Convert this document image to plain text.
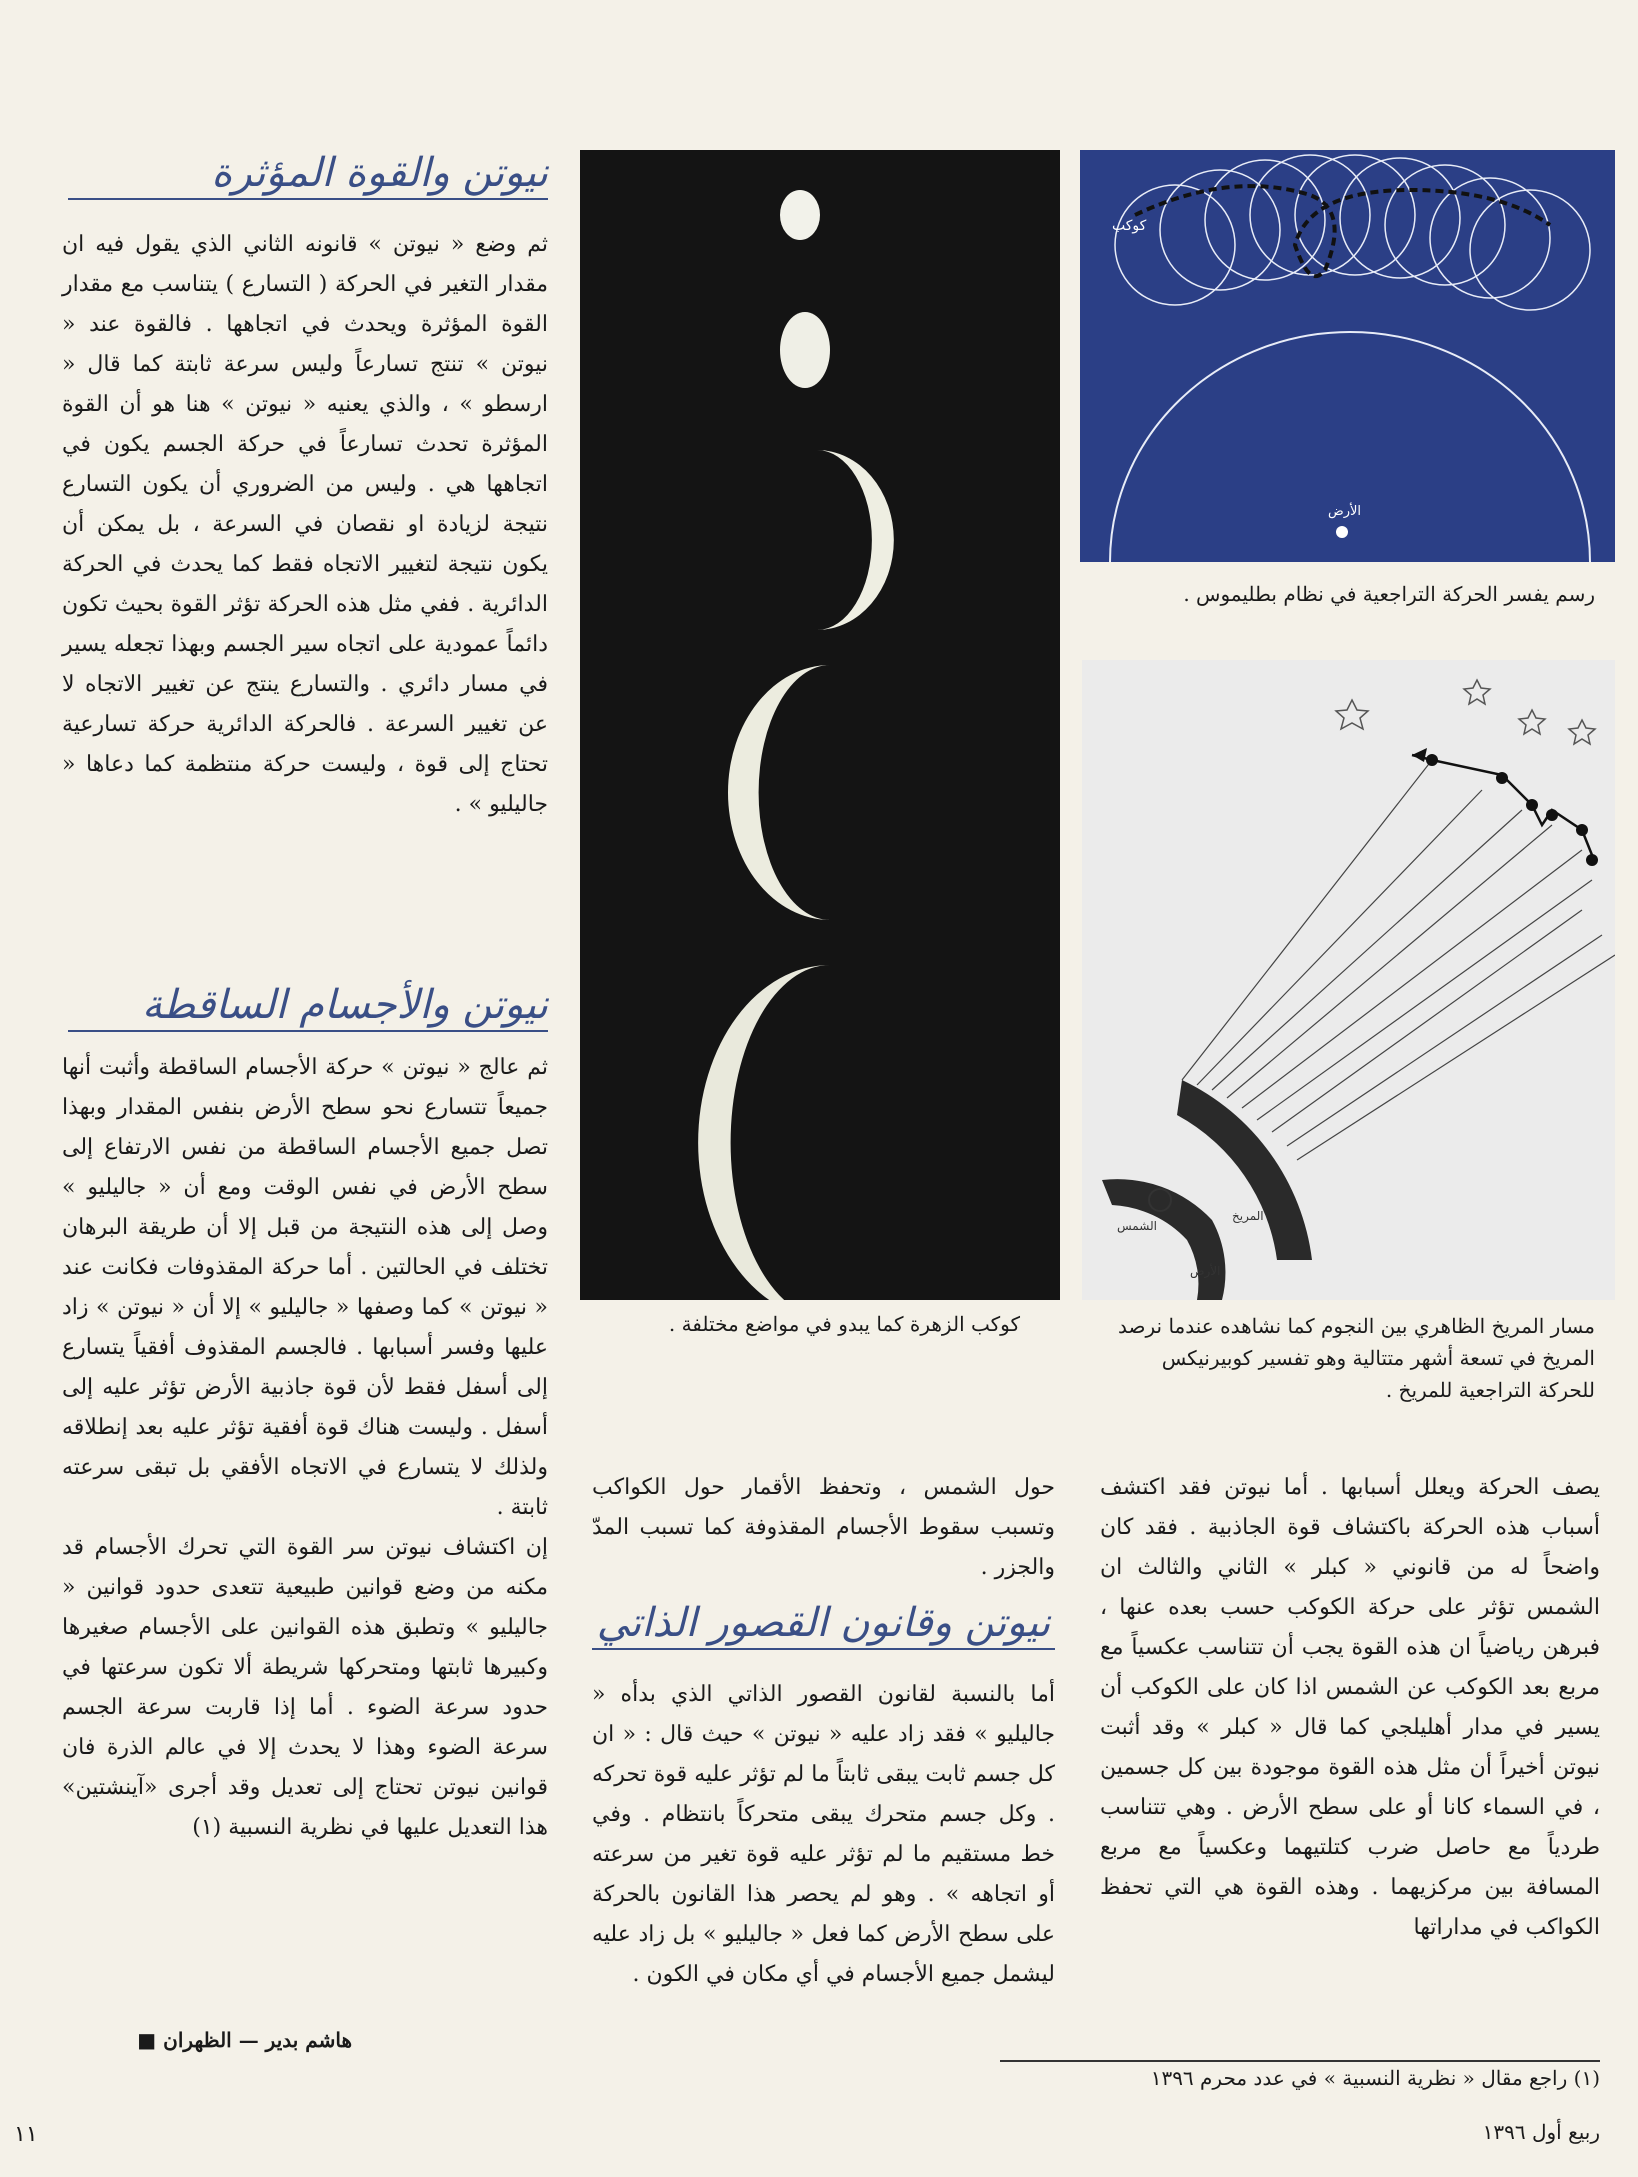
نيوتن والقوة المؤثرة

ثم وضع « نيوتن » قانونه الثاني الذي يقول فيه ان مقدار التغير في الحركة ( التسارع ) يتناسب مع مقدار القوة المؤثرة ويحدث في اتجاهها . فالقوة عند « نيوتن » تنتج تسارعاً وليس سرعة ثابتة كما قال « ارسطو » ، والذي يعنيه « نيوتن » هنا هو أن القوة المؤثرة تحدث تسارعاً في حركة الجسم يكون في اتجاهها هي . وليس من الضروري أن يكون التسارع نتيجة لزيادة او نقصان في السرعة ، بل يمكن أن يكون نتيجة لتغيير الاتجاه فقط كما يحدث في الحركة الدائرية . ففي مثل هذه الحركة تؤثر القوة بحيث تكون دائماً عمودية على اتجاه سير الجسم وبهذا تجعله يسير في مسار دائري . والتسارع ينتج عن تغيير الاتجاه لا عن تغيير السرعة . فالحركة الدائرية حركة تسارعية تحتاج إلى قوة ، وليست حركة منتظمة كما دعاها « جاليليو » .

نيوتن والأجسام الساقطة

ثم عالج « نيوتن » حركة الأجسام الساقطة وأثبت أنها جميعاً تتسارع نحو سطح الأرض بنفس المقدار وبهذا تصل جميع الأجسام الساقطة من نفس الارتفاع إلى سطح الأرض في نفس الوقت ومع أن « جاليليو » وصل إلى هذه النتيجة من قبل إلا أن طريقة البرهان تختلف في الحالتين . أما حركة المقذوفات فكانت عند « نيوتن » كما وصفها « جاليليو » إلا أن « نيوتن » زاد عليها وفسر أسبابها . فالجسم المقذوف أفقياً يتسارع إلى أسفل فقط لأن قوة جاذبية الأرض تؤثر عليه إلى أسفل . وليست هناك قوة أفقية تؤثر عليه بعد إنطلاقه ولذلك لا يتسارع في الاتجاه الأفقي بل تبقى سرعته ثابتة .

إن اكتشاف نيوتن سر القوة التي تحرك الأجسام قد مكنه من وضع قوانين طبيعية تتعدى حدود قوانين « جاليليو » وتطبق هذه القوانين على الأجسام صغيرها وكبيرها ثابتها ومتحركها شريطة ألا تكون سرعتها في حدود سرعة الضوء . أما إذا قاربت سرعة الجسم سرعة الضوء وهذا لا يحدث إلا في عالم الذرة فان قوانين نيوتن تحتاج إلى تعديل وقد أجرى «آينشتين» هذا التعديل عليها في نظرية النسبية (١)

هاشم بدير — الظهران ■
كوكب الزهرة كما يبدو في مواضع مختلفة .
كوكب
الأرض
رسم يفسر الحركة التراجعية في نظام بطليموس .
الشمس
المريخ
الأرض
مسار المريخ الظاهري بين النجوم كما نشاهده عندما نرصد المريخ في تسعة أشهر متتالية وهو تفسير كوبيرنيكس للحركة التراجعية للمريخ .

حول الشمس ، وتحفظ الأقمار حول الكواكب وتسبب سقوط الأجسام المقذوفة كما تسبب المدّ والجزر .

نيوتن وقانون القصور الذاتي

أما بالنسبة لقانون القصور الذاتي الذي بدأه « جاليليو » فقد زاد عليه « نيوتن » حيث قال : « ان كل جسم ثابت يبقى ثابتاً ما لم تؤثر عليه قوة تحركه . وكل جسم متحرك يبقى متحركاً بانتظام . وفي خط مستقيم ما لم تؤثر عليه قوة تغير من سرعته أو اتجاهه » . وهو لم يحصر هذا القانون بالحركة على سطح الأرض كما فعل « جاليليو » بل زاد عليه ليشمل جميع الأجسام في أي مكان في الكون .

يصف الحركة ويعلل أسبابها . أما نيوتن فقد اكتشف أسباب هذه الحركة باكتشاف قوة الجاذبية . فقد كان واضحاً له من قانوني « كبلر » الثاني والثالث ان الشمس تؤثر على حركة الكوكب حسب بعده عنها ، فبرهن رياضياً ان هذه القوة يجب أن تتناسب عكسياً مع مربع بعد الكوكب عن الشمس اذا كان على الكوكب أن يسير في مدار أهليلجي كما قال « كبلر » وقد أثبت نيوتن أخيراً أن مثل هذه القوة موجودة بين كل جسمين ، في السماء كانا أو على سطح الأرض . وهي تتناسب طردياً مع حاصل ضرب كتلتيهما وعكسياً مع مربع المسافة بين مركزيهما . وهذه القوة هي التي تحفظ الكواكب في مداراتها

(١) راجع مقال « نظرية النسبية » في عدد محرم ١٣٩٦
ربيع أول ١٣٩٦
١١
